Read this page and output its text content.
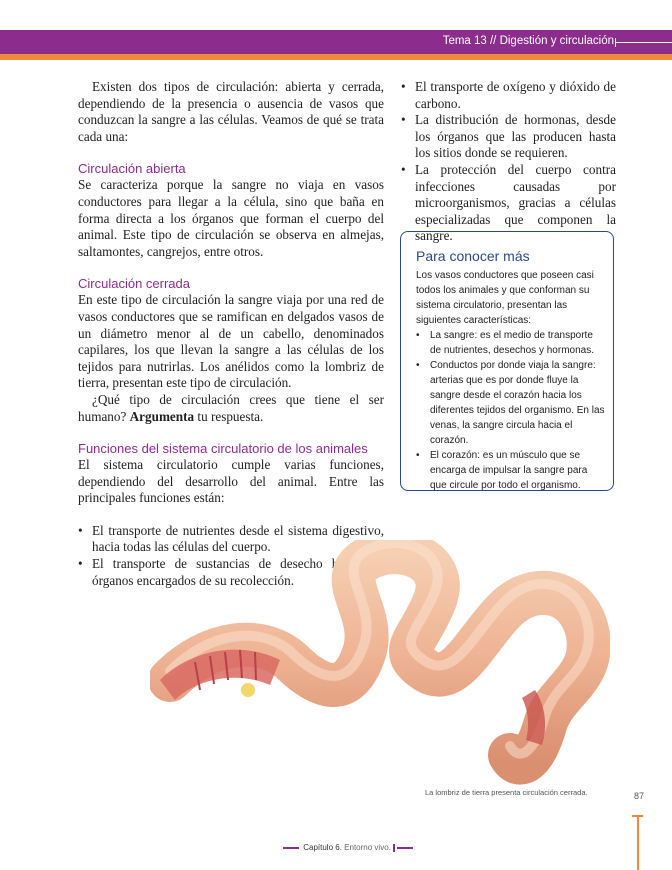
Tema 13 // Digestión y circulación

Existen dos tipos de circulación: abierta y cerrada, dependiendo de la presencia o ausencia de vasos que conduzcan la sangre a las células. Veamos de qué se trata cada una:

Circulación abierta

Se caracteriza porque la sangre no viaja en vasos conductores para llegar a la célula, sino que baña en forma directa a los órganos que forman el cuerpo del animal. Este tipo de circulación se observa en almejas, saltamontes, cangrejos, entre otros.

Circulación cerrada

En este tipo de circulación la sangre viaja por una red de vasos conductores que se ramifican en delgados vasos de un diámetro menor al de un cabello, denominados capilares, los que llevan la sangre a las células de los tejidos para nutrirlas. Los anélidos como la lombriz de tierra, presentan este tipo de circulación.

¿Qué tipo de circulación crees que tiene el ser humano? Argumenta tu respuesta.

Funciones del sistema circulatorio de los animales

El sistema circulatorio cumple varias funciones, dependiendo del desarrollo del animal. Entre las principales funciones están:

• El transporte de nutrientes desde el sistema digestivo, hacia todas las células del cuerpo.
• El transporte de sustancias de desecho hacia los órganos encargados de su recolección.
• El transporte de oxígeno y dióxido de carbono.
• La distribución de hormonas, desde los órganos que las producen hasta los sitios donde se requieren.
• La protección del cuerpo contra infecciones causadas por microorganismos, gracias a células especializadas que componen la sangre.
Para conocer más

Los vasos conductores que poseen casi todos los animales y que conforman su sistema circulatorio, presentan las siguientes características:

• La sangre: es el medio de transporte de nutrientes, desechos y hormonas.
• Conductos por donde viaja la sangre: arterias que es por donde fluye la sangre desde el corazón hacia los diferentes tejidos del organismo. En las venas, la sangre circula hacia el corazón.
• El corazón: es un músculo que se encarga de impulsar la sangre para que circule por todo el organismo.
La lombriz de tierra presenta circulación cerrada.	87
Capítulo 6. Entorno vivo.
